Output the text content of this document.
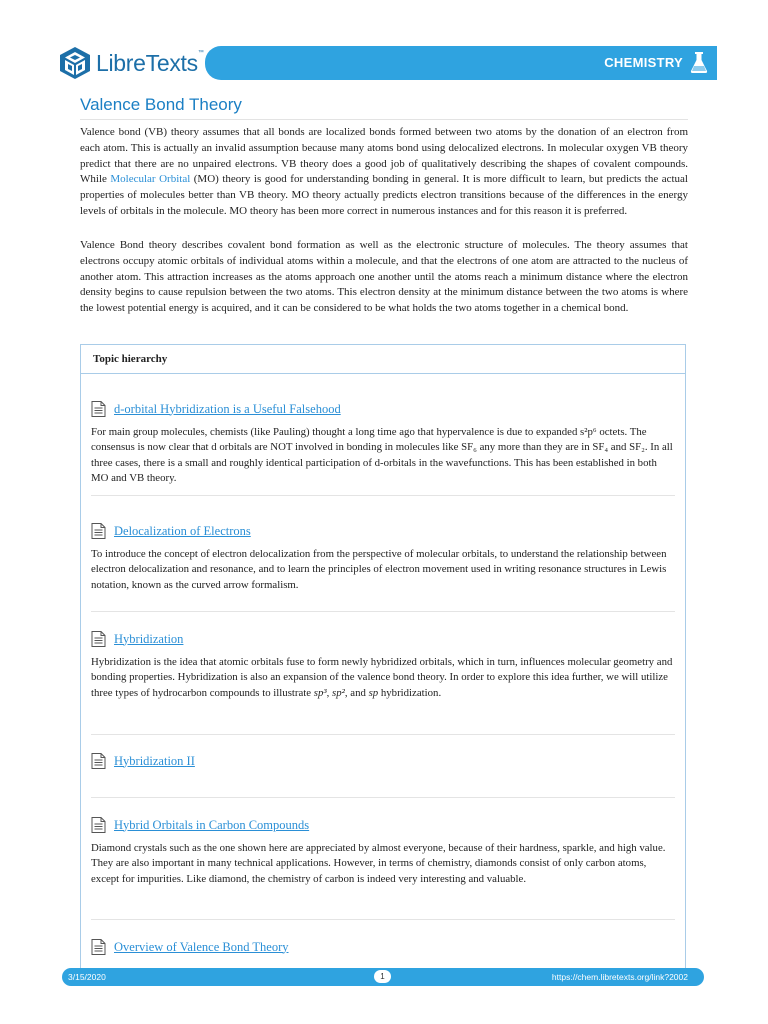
LibreTexts™
CHEMISTRY
Valence Bond Theory

Valence bond (VB) theory assumes that all bonds are localized bonds formed between two atoms by the donation of an electron from each atom. This is actually an invalid assumption because many atoms bond using delocalized electrons. In molecular oxygen VB theory predict that there are no unpaired electrons. VB theory does a good job of qualitatively describing the shapes of covalent compounds. While Molecular Orbital (MO) theory is good for understanding bonding in general. It is more difficult to learn, but predicts the actual properties of molecules better than VB theory. MO theory actually predicts electron transitions because of the differences in the energy levels of orbitals in the molecule. MO theory has been more correct in numerous instances and for this reason it is preferred.

Valence Bond theory describes covalent bond formation as well as the electronic structure of molecules. The theory assumes that electrons occupy atomic orbitals of individual atoms within a molecule, and that the electrons of one atom are attracted to the nucleus of another atom. This attraction increases as the atoms approach one another until the atoms reach a minimum distance where the electron density begins to cause repulsion between the two atoms. This electron density at the minimum distance between the two atoms is where the lowest potential energy is acquired, and it can be considered to be what holds the two atoms together in a chemical bond.

Topic hierarchy
d-orbital Hybridization is a Useful Falsehood
For main group molecules, chemists (like Pauling) thought a long time ago that hypervalence is due to expanded s²p⁶ octets. The consensus is now clear that d orbitals are NOT involved in bonding in molecules like SF₆ any more than they are in SF₄ and SF₂. In all three cases, there is a small and roughly identical participation of d-orbitals in the wavefunctions. This has been established in both MO and VB theory.
Delocalization of Electrons
To introduce the concept of electron delocalization from the perspective of molecular orbitals, to understand the relationship between electron delocalization and resonance, and to learn the principles of electron movement used in writing resonance structures in Lewis notation, known as the curved arrow formalism.
Hybridization
Hybridization is the idea that atomic orbitals fuse to form newly hybridized orbitals, which in turn, influences molecular geometry and bonding properties. Hybridization is also an expansion of the valence bond theory. In order to explore this idea further, we will utilize three types of hydrocarbon compounds to illustrate sp³, sp², and sp hybridization.
Hybridization II
Hybrid Orbitals in Carbon Compounds
Diamond crystals such as the one shown here are appreciated by almost everyone, because of their hardness, sparkle, and high value. They are also important in many technical applications. However, in terms of chemistry, diamonds consist of only carbon atoms, except for impurities. Like diamond, the chemistry of carbon is indeed very interesting and valuable.
Overview of Valence Bond Theory
3/15/2020	1	https://chem.libretexts.org/link?2002
